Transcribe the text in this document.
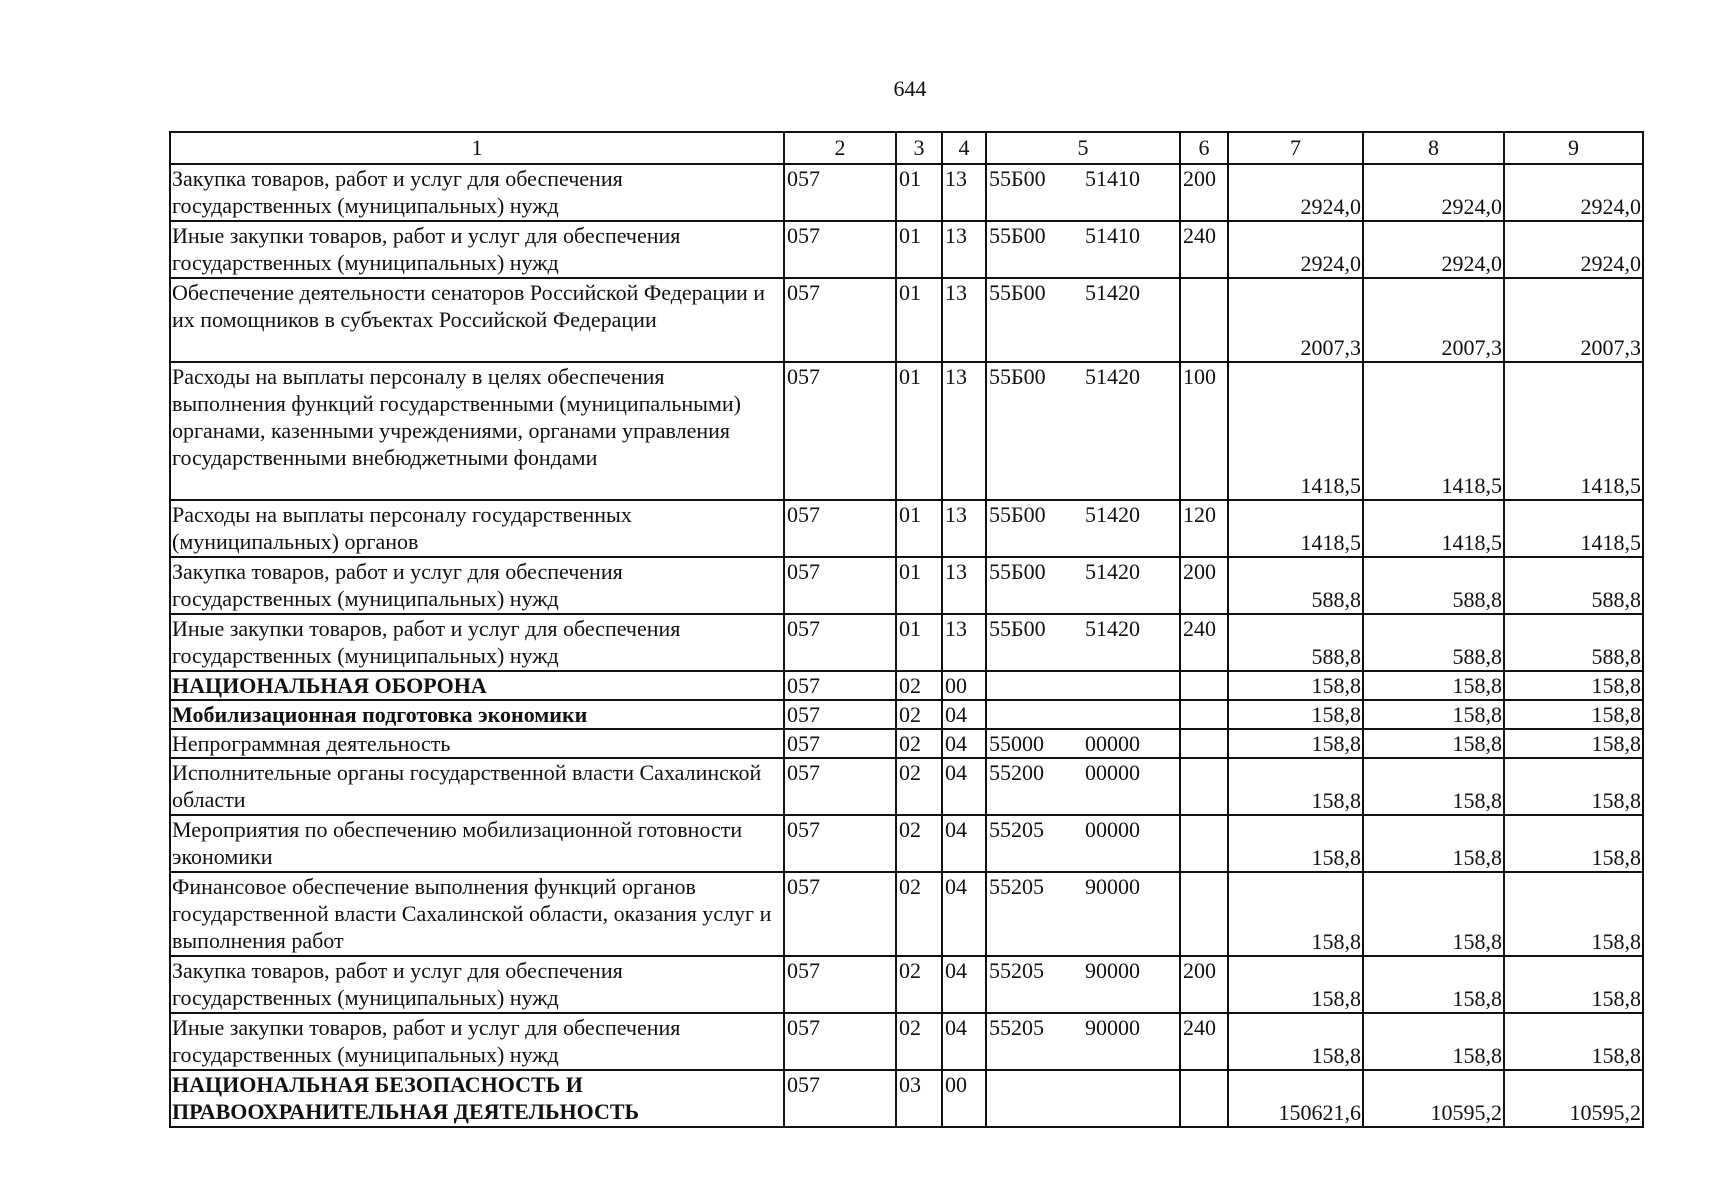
644
1	2	3	4	5	6	7	8	9
Закупка товаров, работ и услуг для обеспечения государственных (муниципальных) нужд	057	01	13	55Б00 51410	200	2924,0	2924,0	2924,0
Иные закупки товаров, работ и услуг для обеспечения государственных (муниципальных) нужд	057	01	13	55Б00 51410	240	2924,0	2924,0	2924,0
Обеспечение деятельности сенаторов Российской Федерации и их помощников в субъектах Российской Федерации	057	01	13	55Б00 51420		2007,3	2007,3	2007,3
Расходы на выплаты персоналу в целях обеспечения выполнения функций государственными (муниципальными) органами, казенными учреждениями, органами управления государственными внебюджетными фондами	057	01	13	55Б00 51420	100	1418,5	1418,5	1418,5
Расходы на выплаты персоналу государственных (муниципальных) органов	057	01	13	55Б00 51420	120	1418,5	1418,5	1418,5
Закупка товаров, работ и услуг для обеспечения государственных (муниципальных) нужд	057	01	13	55Б00 51420	200	588,8	588,8	588,8
Иные закупки товаров, работ и услуг для обеспечения государственных (муниципальных) нужд	057	01	13	55Б00 51420	240	588,8	588,8	588,8
НАЦИОНАЛЬНАЯ ОБОРОНА	057	02	00			158,8	158,8	158,8
Мобилизационная подготовка экономики	057	02	04			158,8	158,8	158,8
Непрограммная деятельность	057	02	04	55000 00000		158,8	158,8	158,8
Исполнительные органы государственной власти Сахалинской области	057	02	04	55200 00000		158,8	158,8	158,8
Мероприятия по обеспечению мобилизационной готовности экономики	057	02	04	55205 00000		158,8	158,8	158,8
Финансовое обеспечение выполнения функций органов государственной власти Сахалинской области, оказания услуг и выполнения работ	057	02	04	55205 90000		158,8	158,8	158,8
Закупка товаров, работ и услуг для обеспечения государственных (муниципальных) нужд	057	02	04	55205 90000	200	158,8	158,8	158,8
Иные закупки товаров, работ и услуг для обеспечения государственных (муниципальных) нужд	057	02	04	55205 90000	240	158,8	158,8	158,8
НАЦИОНАЛЬНАЯ БЕЗОПАСНОСТЬ И ПРАВООХРАНИТЕЛЬНАЯ ДЕЯТЕЛЬНОСТЬ	057	03	00			150621,6	10595,2	10595,2
